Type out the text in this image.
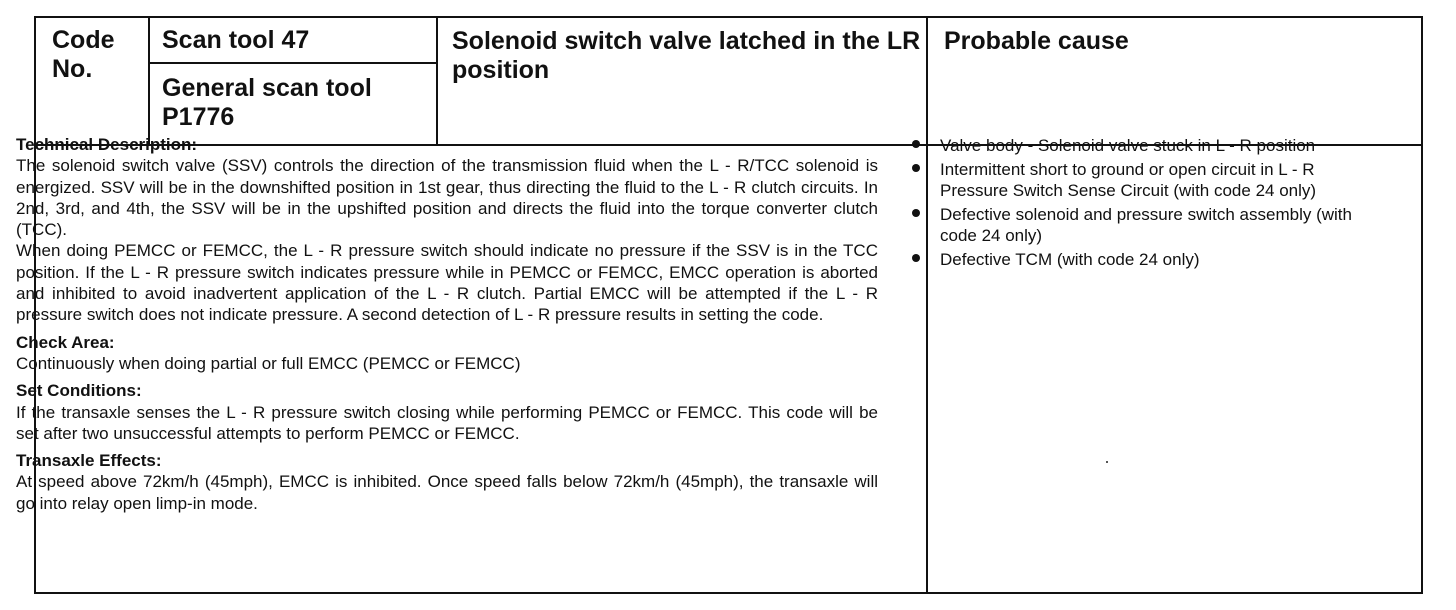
Code No.
Scan tool 47
General scan tool P1776
Solenoid switch valve latched in the LR position
Probable cause
Technical Description:

The solenoid switch valve (SSV) controls the direction of the transmission fluid when the L - R/TCC solenoid is energized. SSV will be in the downshifted position in 1st gear, thus directing the fluid to the L - R clutch circuits. In 2nd, 3rd, and 4th, the SSV will be in the upshifted position and directs the fluid into the torque converter clutch (TCC).

When doing PEMCC or FEMCC, the L - R pressure switch should indicate no pressure if the SSV is in the TCC position. If the L - R pressure switch indicates pressure while in PEMCC or FEMCC, EMCC operation is aborted and inhibited to avoid inadvertent application of the L - R clutch. Partial EMCC will be attempted if the L - R pressure switch does not indicate pressure. A second detection of L - R pressure results in setting the code.

Check Area:

Continuously when doing partial or full EMCC (PEMCC or FEMCC)

Set Conditions:

If the transaxle senses the L - R pressure switch closing while performing PEMCC or FEMCC. This code will be set after two unsuccessful attempts to perform PEMCC or FEMCC.

Transaxle Effects:

At speed above 72km/h (45mph), EMCC is inhibited. Once speed falls below 72km/h (45mph), the transaxle will go into relay open limp-in mode.

Valve body - Solenoid valve stuck in L - R position
Intermittent short to ground or open circuit in L - R Pressure Switch Sense Circuit (with code 24 only)
Defective solenoid and pressure switch assembly (with code 24 only)
Defective TCM (with code 24 only)
